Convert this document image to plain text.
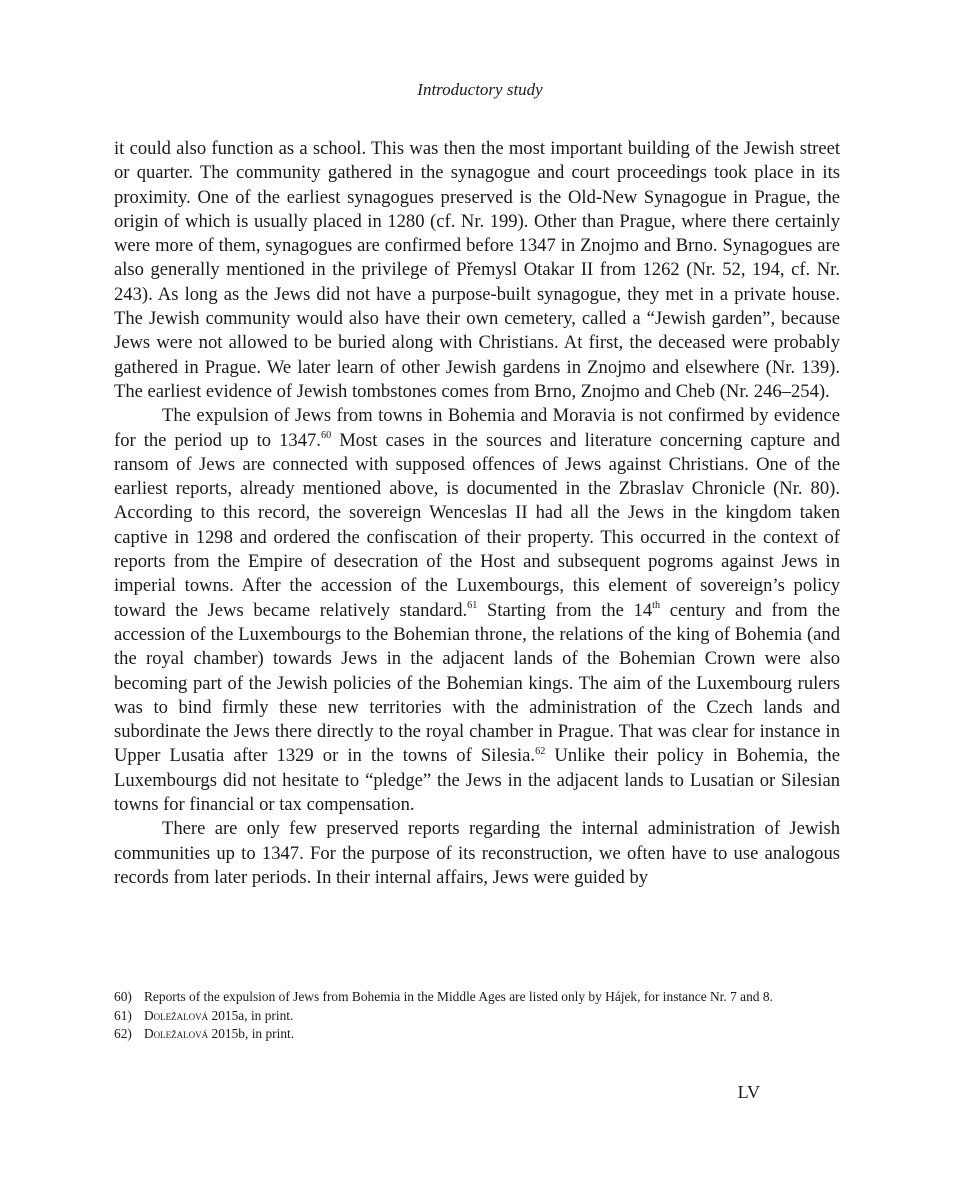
Introductory study

it could also function as a school. This was then the most important building of the Jewish street or quarter. The community gathered in the synagogue and court proceedings took place in its proximity. One of the earliest synagogues preserved is the Old-New Synagogue in Prague, the origin of which is usually placed in 1280 (cf. Nr. 199). Other than Prague, where there certainly were more of them, synagogues are confirmed before 1347 in Znojmo and Brno. Synagogues are also generally mentioned in the privilege of Přemysl Otakar II from 1262 (Nr. 52, 194, cf. Nr. 243). As long as the Jews did not have a purpose-built synagogue, they met in a private house. The Jewish community would also have their own cemetery, called a “Jewish garden”, because Jews were not allowed to be buried along with Christians. At first, the deceased were probably gathered in Prague. We later learn of other Jewish gardens in Znojmo and elsewhere (Nr. 139). The earliest evidence of Jewish tombstones comes from Brno, Znojmo and Cheb (Nr. 246–254).

The expulsion of Jews from towns in Bohemia and Moravia is not confirmed by evidence for the period up to 1347.60 Most cases in the sources and literature concerning capture and ransom of Jews are connected with supposed offences of Jews against Christians. One of the earliest reports, already mentioned above, is documented in the Zbraslav Chronicle (Nr. 80). According to this record, the sovereign Wenceslas II had all the Jews in the kingdom taken captive in 1298 and ordered the confiscation of their property. This occurred in the context of reports from the Empire of desecration of the Host and subsequent pogroms against Jews in imperial towns. After the accession of the Luxembourgs, this element of sovereign’s policy toward the Jews became relatively standard.$^{61}$ Starting from the 14th century and from the accession of the Luxembourgs to the Bohemian throne, the relations of the king of Bohemia (and the royal chamber) towards Jews in the adjacent lands of the Bohemian Crown were also becoming part of the Jewish policies of the Bohemian kings. The aim of the Luxembourg rulers was to bind firmly these new territories with the administration of the Czech lands and subordinate the Jews there directly to the royal chamber in Prague. That was clear for instance in Upper Lusatia after 1329 or in the towns of Silesia.$^{62}$ Unlike their policy in Bohemia, the Luxembourgs did not hesitate to “pledge” the Jews in the adjacent lands to Lusatian or Silesian towns for financial or tax compensation.

There are only few preserved reports regarding the internal administration of Jewish communities up to 1347. For the purpose of its reconstruction, we often have to use analogous records from later periods. In their internal affairs, Jews were guided by

60) Reports of the expulsion of Jews from Bohemia in the Middle Ages are listed only by Hájek, for instance Nr. 7 and 8.
61) Doležalová 2015a, in print.
62) Doležalová 2015b, in print.
LV
